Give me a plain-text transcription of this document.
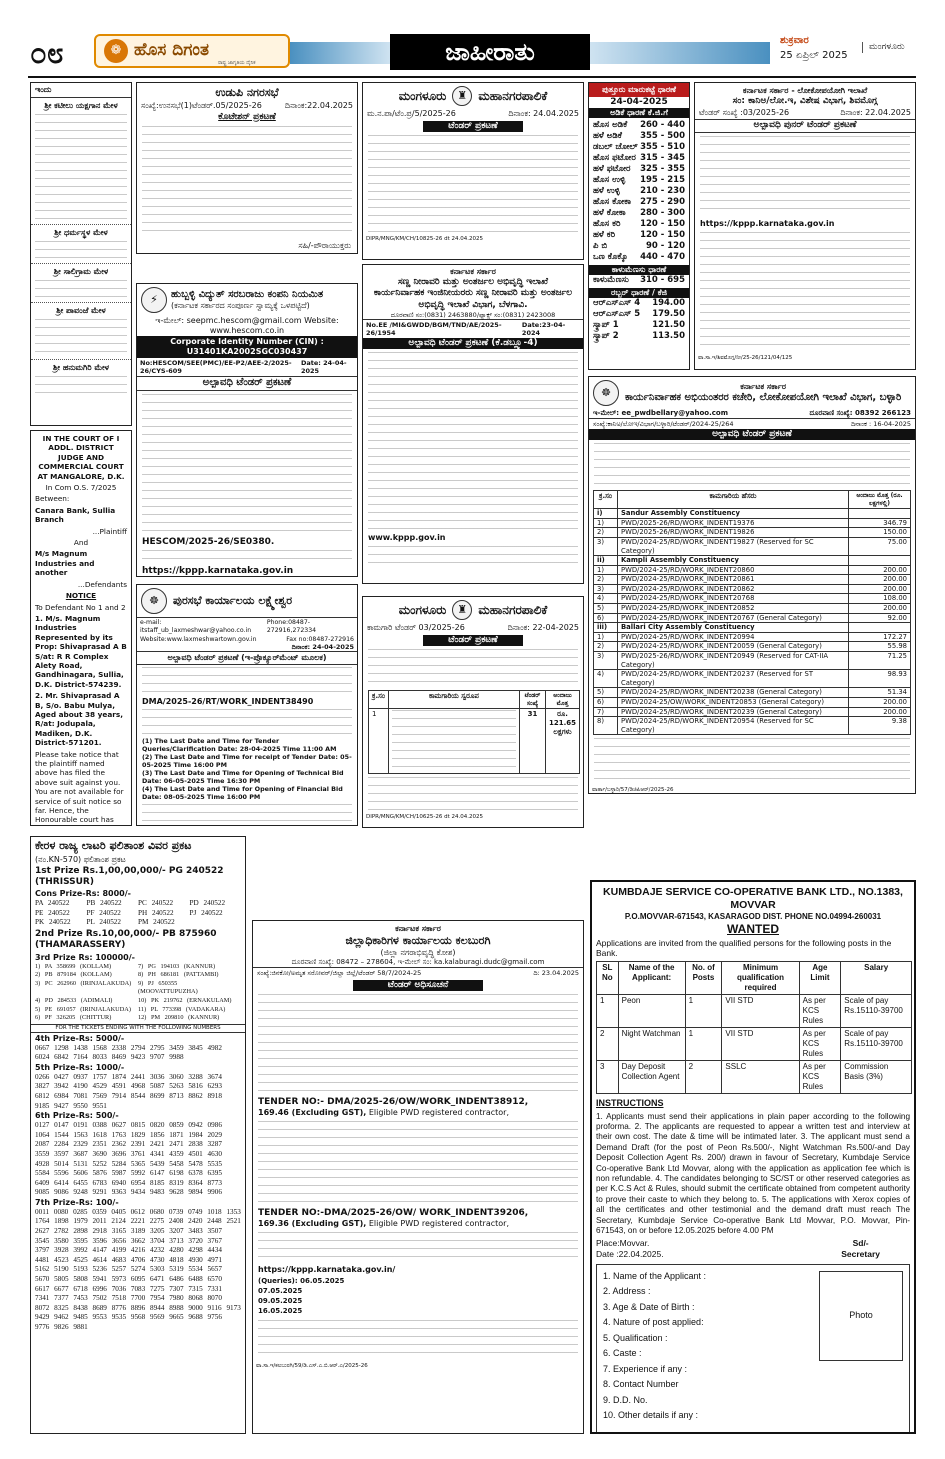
೦೮	❁ ಹೊಸ ದಿಗಂತ
ರಾಷ್ಟ್ರ ಜಾಗೃತಿಯ ದೈನಿಕ	ಜಾಹೀರಾತು	ಶುಕ್ರವಾರ
25 ಏಪ್ರಿಲ್ 2025
ಮಂಗಳೂರು
ಇಂದು
ಶ್ರೀ ಕಟೀಲು ಯಕ್ಷಗಾನ ಮೇಳ
ಶ್ರೀ ಧರ್ಮಸ್ಥಳ ಮೇಳ
ಶ್ರೀ ಸಾಲಿಗ್ರಾಮ ಮೇಳ
ಶ್ರೀ ಪಾವಂಜೆ ಮೇಳ
ಶ್ರೀ ಹನುಮಗಿರಿ ಮೇಳ
ಉಡುಪಿ ನಗರಸಭೆ
ಸಂಖ್ಯೆ:ಉನಸಭೆ(1)ಟೆಂಡರ್.05/2025-26	ದಿನಾಂಕ:22.04.2025
ಕೊಟೇಶನ್ ಪ್ರಕಟಣೆ
ಸಹಿ/-ಪೌರಾಯುಕ್ತರು

IN THE COURT OF I ADDL. DISTRICT JUDGE AND COMMERCIAL COURT AT MANGALORE, D.K.

In Com O.S. 7/2025

Between:

Canara Bank, Sullia Branch

...Plaintiff

And

M/s Magnum Industries and another

...Defendants

NOTICE

To Defendant No 1 and 2

1. M/s. Magnum Industries Represented by its Prop: Shivaprasad A B S/at: R R Complex Alety Road, Gandhinagara, Sullia, D.K. District-574239.

2. Mr. Shivaprasad A B, S/o. Babu Mulya, Aged about 38 years, R/at: Jodupala, Madiken, D.K. District-571201.

Please take notice that the plaintiff named above has filed the above suit against you. You are not available for service of suit notice so far. Hence, the Honourable court has

⚡	ಹುಬ್ಬಳ್ಳಿ ವಿದ್ಯುತ್ ಸರಬರಾಜು ಕಂಪನಿ ನಿಯಮಿತ
(ಕರ್ನಾಟಕ ಸರ್ಕಾರದ ಸಂಪೂರ್ಣ ಸ್ವಾಮ್ಯಕ್ಕೆ ಒಳಪಟ್ಟಿದೆ)
ಇ-ಮೇಲ್: seepmc.hescom@gmail.com Website: www.hescom.co.in
Corporate Identity Number (CIN) : U31401KA2002SGC030437
No:HESCOM/SEE(PMC)/EE-P2/AEE-2/2025-26/CYS-609
Date: 24-04-2025
ಅಲ್ಪಾವಧಿ ಟೆಂಡರ್ ಪ್ರಕಟಣೆ
HESCOM/2025-26/SE0380.
https://kppp.karnataka.gov.in
☸	ಪುರಸಭೆ ಕಾರ್ಯಾಲಯ ಲಕ್ಷ್ಮೇಶ್ವರ
e-mail: itstaff_ub_laxmeshwar@yahoo.co.in
Phone:08487-272916,272334
Website:www.laxmeshwartown.gov.in	Fax no:08487-272916
ದಿನಾಂಕ: 24-04-2025
ಅಲ್ಪಾವಧಿ ಟೆಂಡರ್ ಪ್ರಕಟಣೆ (ಇ-ಪ್ರೊಕ್ಯೂರ್‌ಮೆಂಟ್ ಮೂಲಕ)
DMA/2025-26/RT/WORK_INDENT38490
(1) The Last Date and Time for Tender Queries/Clarification Date: 28-04-2025 Time 11:00 AM
(2) The Last Date and Time for receipt of Tender Date: 05-05-2025 Time 16:00 PM
(3) The Last Date and Time for Opening of Technical Bid Date: 06-05-2025 Time 16:30 PM
(4) The Last Date and Time for Opening of Financial Bid Date: 08-05-2025 Time 16:00 PM
ಮಂಗಳೂರು	♜ ಮಹಾನಗರಪಾಲಿಕೆ
ಮ.ನ.ಪಾ/ಟೆಂ.ಪ್ರ/5/2025-26	ದಿನಾಂಕ: 24.04.2025
ಟೆಂಡರ್ ಪ್ರಕಟಣೆ
DIPR/MNG/KM/CH/10825-26 dt 24.04.2025
ಪುತ್ತೂರು ಮಾರುಕಟ್ಟೆ ಧಾರಣೆ
24-04-2025
ಅಡಿಕೆ ಧಾರಣೆ ಕೆ.ಜಿ.ಗೆ
ಹೊಸ ಅಡಿಕೆ 260 - 440
ಹಳೆ ಅಡಿಕೆ 355 - 500
ಡಬಲ್ ಚೋಲ್ 355 - 510
ಹೊಸ ಫಟೋರ 315 - 345
ಹಳೆ ಫಟೋರ 325 - 355
ಹೊಸ ಉಳ್ಳಿ 195 - 215
ಹಳೆ ಉಳ್ಳಿ 210 - 230
ಹೊಸ ಕೋಕಾ 275 - 290
ಹಳೆ ಕೋಕಾ 280 - 300
ಹೊಸ ಕರಿ 120 - 150
ಹಳೆ ಕರಿ	120 - 150
ಪಿ ಬಿ	90 - 120
ಒಣ ಕೊಕ್ಕೊ 440 - 470
ಕಾಳುಮೆಣಸು ಧಾರಣೆ
ಕಾಳುಮೆಣಸು 310 - 695
ರಬ್ಬರ್ ಧಾರಣೆ / ಕೆಜಿ
ಆರ್‌ಎಸ್‌ಎಸ್ 4 194.00
ಆರ್‌ಎಸ್‌ಎಸ್ 5 179.50
ಸ್ಕ್ರಾಪ್ 1	121.50
ಸ್ಕ್ರಾಪ್ 2	113.50
ಕರ್ನಾಟಕ ಸರ್ಕಾರ - ಲೋಕೋಪಯೋಗಿ ಇಲಾಖೆ
ಸಂ: ಕಾನಿಅ/ಲೋ.ಇ, ವಿಶೇಷ ವಿಭಾಗ, ಶಿವಮೊಗ್ಗ
ಟೆಂಡರ್ ಸಂಖ್ಯೆ :03/2025-26	ದಿನಾಂಕ: 22.04.2025
ಅಲ್ಪಾವಧಿ ಪುನರ್ ಟೆಂಡರ್ ಪ್ರಕಟಣೆ
https://kppp.karnataka.gov.in
ವಾ.ಸಾ.ಇ/ಶಿವಮೊಗ್ಗ/ನೀ/25-26/121/04/125
ಕರ್ನಾಟಕ ಸರ್ಕಾರ
ಸಣ್ಣ ನೀರಾವರಿ ಮತ್ತು ಅಂತರ್ಜಲ ಅಭಿವೃದ್ಧಿ ಇಲಾಖೆ
ಕಾರ್ಯನಿರ್ವಾಹಕ ಇಂಜಿನೀಯರರು ಸಣ್ಣ ನೀರಾವರಿ ಮತ್ತು ಅಂತರ್ಜಲ ಅಭಿವೃದ್ಧಿ ಇಲಾಖೆ ವಿಭಾಗ, ಬೆಳಗಾವಿ.
ದೂರವಾಣಿ ಸಂ:(0831) 2463880/ಫ್ಯಾಕ್ಸ್ ಸಂ:(0831) 2423008
No.EE /MI&GWDD/BGM/TND/AE/2025-26/1954
Date:23-04-2024
ಅಲ್ಪಾವಧಿ ಟೆಂಡರ್ ಪ್ರಕಟಣೆ (ಕೆ.ಡಬ್ಲ್ಯೂ-4)
www.kppp.gov.in
☸	ಕರ್ನಾಟಕ ಸರ್ಕಾರ
ಕಾರ್ಯನಿರ್ವಾಹಕ ಅಭಿಯಂತರರ ಕಚೇರಿ, ಲೋಕೋಪಯೋಗಿ ಇಲಾಖೆ ವಿಭಾಗ, ಬಳ್ಳಾರಿ
ಇ-ಮೇಲ್: ee_pwdbellary@yahoo.com	ದೂರವಾಣಿ ಸಂಖ್ಯೆ: 08392 266123
ಸಂಖ್ಯೆ:ಕಾನಿಅ/ಲೋಇ/ವಿಭಾಗ/ಬಳ್ಳಾರಿ/ಟೆಂಡರ್/2024-25/264	ದಿನಾಂಕ : 16-04-2025
ಅಲ್ಪಾವಧಿ ಟೆಂಡರ್ ಪ್ರಕಟಣೆ
ಕ್ರ.ಸಂ	ಕಾಮಗಾರಿಯ ಹೆಸರು	ಅಂದಾಜು ಮೊತ್ತ (ರೂ. ಲಕ್ಷಗಳಲ್ಲಿ)
i)	Sandur Assembly Constituency	
1)	PWD/2025-26/RD/WORK_INDENT19376	346.79
2)	PWD/2025-26/RD/WORK_INDENT19826	150.00
3)	PWD/2024-25/RD/WORK_INDENT19827 (Reserved for SC Category)	75.00
ii)	Kampli Assembly Constituency	
1)	PWD/2024-25/RD/WORK_INDENT20860	200.00
2)	PWD/2024-25/RD/WORK_INDENT20861	200.00
3)	PWD/2024-25/RD/WORK_INDENT20862	200.00
4)	PWD/2024-25/RD/WORK_INDENT20768	108.00
5)	PWD/2024-25/RD/WORK_INDENT20852	200.00
6)	PWD/2024-25/RD/WORK_INDENT20767 (General Category)	92.00
iii)	Ballari City Assembly Constituency	
1)	PWD/2024-25/RD/WORK_INDENT20994	172.27
2)	PWD/2024-25/RD/WORK_INDENT20059 (General Category)	55.98
3)	PWD/2025-26/RD/WORK_INDENT20949 (Reserved for CAT-IIA Category)	71.25
4)	PWD/2024-25/RD/WORK_INDENT20237 (Reserved for ST Category)	98.93
5)	PWD/2024-25/RD/WORK_INDENT20238 (General Category)	51.34
6)	PWD/2024-25/OW/WORK_INDENT20853 (General Category)	200.00
7)	PWD/2024-25/RD/WORK_INDENT20239 (General Category)	200.00
8)	PWD/2024-25/RD/WORK_INDENT20954 (Reserved for SC Category)	9.38
ವಾರ್ತಾ/ಬಳ್ಳಾರಿ/57/ಡಿಜಿಪಿಆರ್/2025-26
ಮಂಗಳೂರು	♜ ಮಹಾನಗರಪಾಲಿಕೆ
ಕಾಮಗಾರಿ ಟೆಂಡರ್ 03/2025-26	ದಿನಾಂಕ: 22-04-2025
ಟೆಂಡರ್ ಪ್ರಕಟಣೆ
ಕ್ರ.ಸಂ	ಕಾಮಗಾರಿಯ ಸ್ವರೂಪ	ಟೆಂಡರ್ ಸಂಖ್ಯೆ	ಅಂದಾಜು ಮೊತ್ತ
1		31	ರೂ. 121.65 ಲಕ್ಷಗಳು
DIPR/MNG/KM/CH/10625-26 dt 24.04.2025
ಕೇರಳ ರಾಜ್ಯ ಲಾಟರಿ ಫಲಿತಾಂಶ ವಿವರ ಪ್ರಕಟ
(ನಂ.KN-570) ಫಲಿತಾಂಶ ಪ್ರಕಟ
1st Prize Rs.1,00,00,000/- PG 240522 (THRISSUR)
Cons Prize-Rs: 8000/-
PA 240522	PB 240522	PC 240522	PD 240522
PE 240522	PF 240522	PH 240522	PJ 240522
PK 240522	PL 240522	PM 240522
2nd Prize Rs.10,00,000/- PB 875960 (THAMARASSERY)
3rd Prize Rs: 100000/-
1) PA 358699 (KOLLAM)	7) PG 194103 (KANNUR)
2) PB 879184 (KOLLAM)	8) PH 686181 (PATTAMBI)
3) PC 262960 (IRINJALAKUDA)	9) PJ 650355 (MOOVATTUPUZHA)
4) PD 284533 (ADIMALI)	10) PK 219762 (ERNAKULAM)
5) PE 691057 (IRINJALAKUDA)	11) PL 773398 (VADAKARA)
6) PF 326205 (CHITTUR)	12) PM 209810 (KANNUR)
FOR THE TICKETS ENDING WITH THE FOLLOWING NUMBERS
4th Prize-Rs: 5000/-
0667 1298 1438 1568 2338 2794 2795 3459 3845 4982 6024 6842 7164 8033 8469 9423 9707 9988
5th Prize-Rs: 1000/-
0266 0427 0937 1757 1874 2441 3036 3060 3288 3674 3827 3942 4190 4529 4591 4968 5087 5263 5816 6293 6812 6984 7081 7569 7914 8544 8699 8713 8862 8918 9185 9427 9550 9551
6th Prize-Rs: 500/-
0127 0147 0191 0388 0627 0815 0820 0859 0942 0986 1064 1544 1563 1618 1763 1829 1856 1871 1984 2029 2087 2284 2329 2351 2362 2391 2421 2471 2838 3287 3559 3597 3687 3690 3696 3761 4341 4359 4501 4630 4928 5014 5131 5252 5284 5365 5439 5458 5478 5535 5584 5596 5606 5876 5987 5992 6147 6198 6378 6395 6409 6414 6455 6783 6940 6954 8185 8319 8364 8773 9085 9086 9248 9291 9363 9434 9483 9628 9894 9906
7th Prize-Rs: 100/-
0011 0080 0285 0359 0405 0612 0680 0739 0749 1018 1353 1764 1898 1979 2011 2124 2221 2275 2408 2420 2448 2521 2627 2782 2898 2918 3165 3189 3205 3207 3483 3507 3545 3580 3595 3596 3656 3662 3704 3713 3720 3767 3797 3928 3992 4147 4199 4216 4232 4280 4298 4434 4481 4523 4525 4614 4683 4706 4730 4818 4930 4971 5162 5190 5193 5236 5257 5274 5303 5319 5534 5657 5670 5805 5808 5941 5973 6095 6471 6486 6488 6570 6617 6677 6718 6996 7036 7083 7275 7307 7315 7331 7341 7377 7453 7502 7518 7700 7954 7980 8068 8070 8072 8325 8438 8689 8776 8896 8944 8988 9000 9116 9173 9429 9462 9485 9553 9535 9568 9569 9665 9688 9756 9776 9826 9881
ಕರ್ನಾಟಕ ಸರ್ಕಾರ
ಜಿಲ್ಲಾಧಿಕಾರಿಗಳ ಕಾರ್ಯಾಲಯ ಕಲಬುರಗಿ
(ಜಿಲ್ಲಾ ನಗರಾಭಿವೃದ್ಧಿ ಕೋಶ)
ದೂರವಾಣಿ ಸಂಖ್ಯೆ: 08472 – 278604, ಇ-ಮೇಲ್ ಸಂ: ka.kalaburagi.dudc@gmail.com
ಸಂಖ್ಯೆ:ಜಿನಕೋ/ಅಮೃತ ಸರೋವರ್/ಜಿಲ್ಲಾ ಜಿಲ್ಲೆ/ಟೆಂಡರ್ 58/7/2024-25	ದಿ: 23.04.2025
ಟೆಂಡರ್ ಅಧಿಸೂಚನೆ
TENDER NO:- DMA/2025-26/OW/WORK_INDENT38912,
169.46 (Excluding GST), Eligible PWD registered contractor,
TENDER NO:-DMA/2025-26/OW/ WORK_INDENT39206,
169.36 (Excluding GST), Eligible PWD registered contractor,
https://kppp.karnataka.gov.in/
(Queries): 06.05.2025
07.05.2025
09.05.2025
16.05.2025
ವಾ.ಸಾ.ಇ/ಕಲಬುರಗಿ/59/ಡಿ.ಎಸ್.ಎ.ಬಿ.ಆರ್.ಎ/2025-26
KUMBDAJE SERVICE CO-OPERATIVE BANK LTD., NO.1383, MOVVAR
P.O.MOVVAR-671543, KASARAGOD DIST. PHONE NO.04994-260031
WANTED
Applications are invited from the qualified persons for the following posts in the Bank.
SL No	Name of the Applicant:	No. of Posts	Minimum qualification required	Age Limit	Salary
1	Peon	1	VII STD	As per KCS Rules	Scale of pay Rs.15110-39700
2	Night Watchman	1	VII STD	As per KCS Rules	Scale of pay Rs.15110-39700
3	Day Deposit Collection Agent	2	SSLC	As per KCS Rules	Commission Basis (3%)
INSTRUCTIONS
1. Applicants must send their applications in plain paper according to the following proforma. 2. The applicants are requested to appear a written test and interview at their own cost. The date & time will be intimated later. 3. The applicant must send a Demand Draft (for the post of Peon Rs.500/-, Night Watchman Rs.500/-and Day Deposit Collection Agent Rs. 200/) drawn in favour of Secretary, Kumbdaje Service Co-operative Bank Ltd Movvar, along with the application as application fee which is non refundable. 4. The candidates belonging to SC/ST or other reserved categories as per K.C.S Act & Rules, should submit the certificate obtained from competent authority to prove their caste to which they belong to. 5. The applications with Xerox copies of all the certificates and other testimonial and the demand draft must reach The Secretary, Kumbdaje Service Co-operative Bank Ltd Movvar, P.O. Movvar, Pin-671543, on or before 12.05.2025 before 4.00 PM
Place:Movvar.
Date :22.04.2025.
Sd/-
Secretary
1. Name of the Applicant :
2. Address :
3. Age & Date of Birth :
4. Nature of post applied:
5. Qualification :
6. Caste :
7. Experience if any :
8. Contact Number
9. D.D. No.
10. Other details if any :
Photo
